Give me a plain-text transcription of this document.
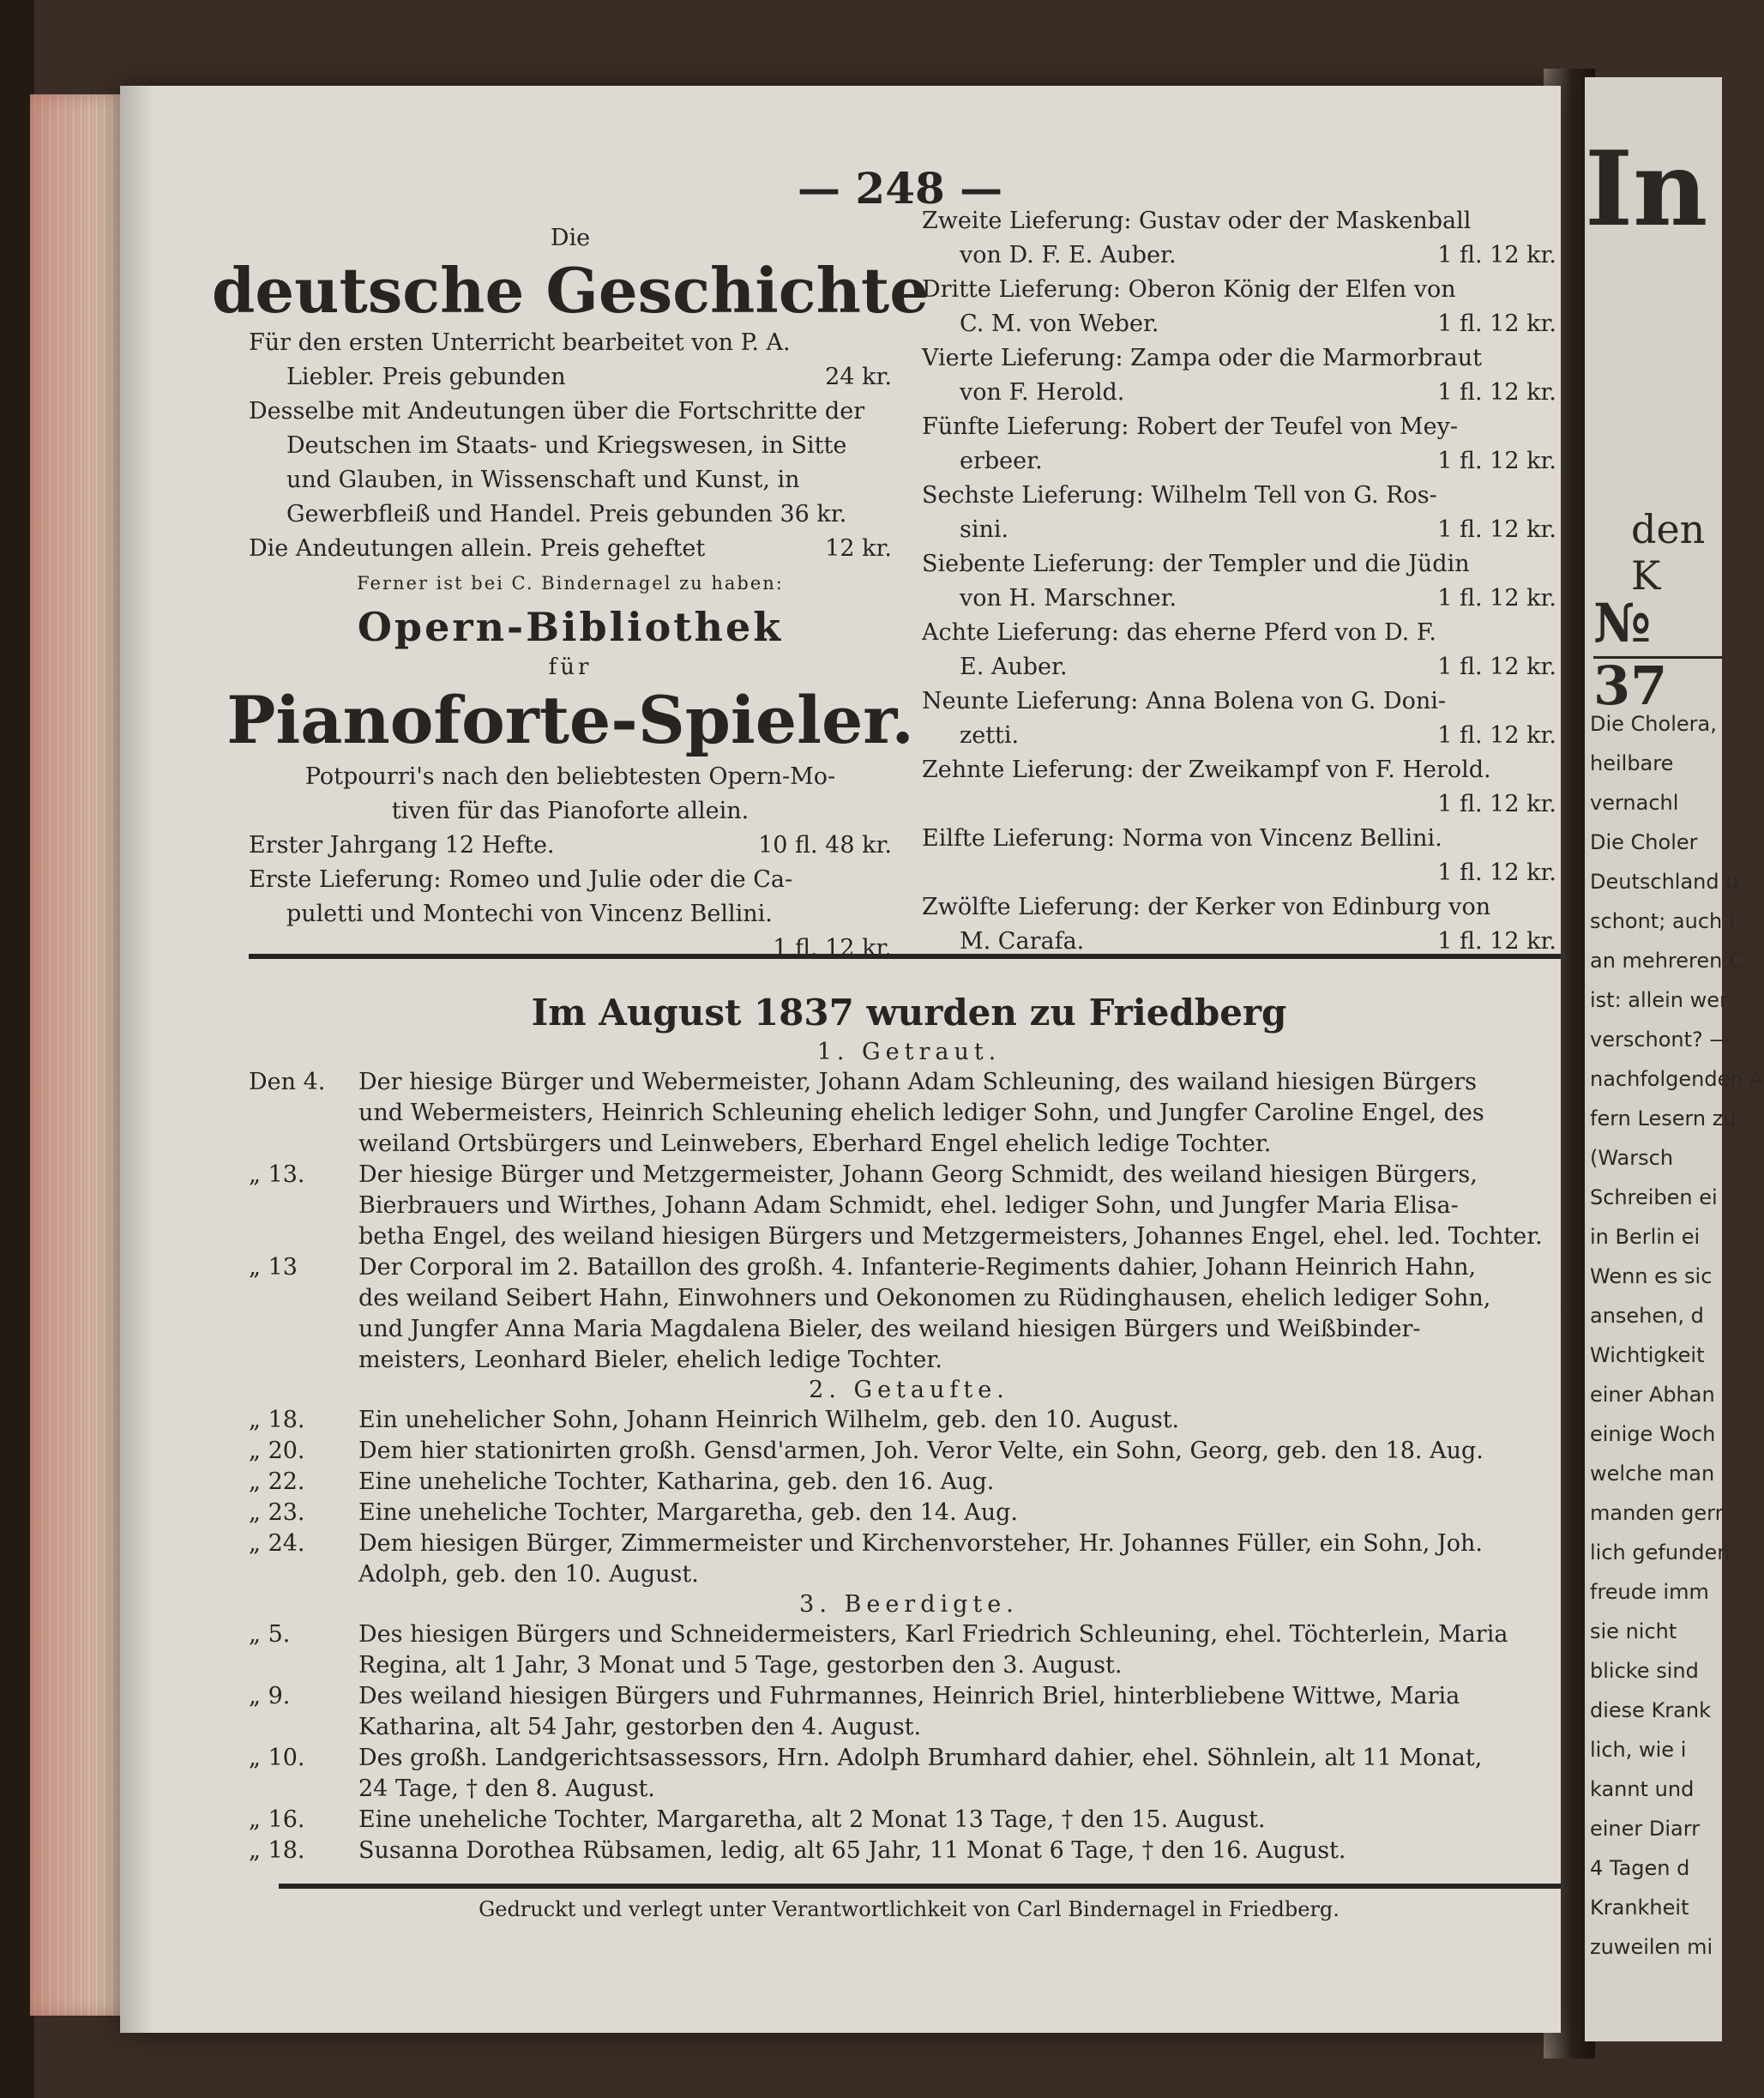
In
den K
№ 37
Die Cholera,
heilbare
vernachl
Die Choler
Deutschland u
schont; auch i
an mehreren C
ist: allein wer
verschont? —
nachfolgenden A
fern Lesern zu
(Warsch
Schreiben ei
in Berlin ei
Wenn es sic
ansehen, d
Wichtigkeit
einer Abhan
einige Woch
welche man
manden gerr
lich gefunden
freude imm
sie nicht
blicke sind
diese Krank
lich, wie i
kannt und
einer Diarr
4 Tagen d
Krankheit
zuweilen mi
— 248 —
Die
deutsche Geschichte
Für den ersten Unterricht bearbeitet von P. A.
Liebler. Preis gebunden	24 kr.
Desselbe mit Andeutungen über die Fortschritte der
Deutschen im Staats- und Kriegswesen, in Sitte
und Glauben, in Wissenschaft und Kunst, in
Gewerbfleiß und Handel. Preis gebunden 36 kr.
Die Andeutungen allein. Preis geheftet	12 kr.
Ferner ist bei C. Bindernagel zu haben:
Opern-Bibliothek
für
Pianoforte-Spieler.
Potpourri's nach den beliebtesten Opern-Mo-
tiven für das Pianoforte allein.
Erster Jahrgang 12 Hefte.	10 fl. 48 kr.
Erste Lieferung: Romeo und Julie oder die Ca-
puletti und Montechi von Vincenz Bellini.
1 fl. 12 kr.
Zweite Lieferung: Gustav oder der Maskenball
von D. F. E. Auber.	1 fl. 12 kr.
Dritte Lieferung: Oberon König der Elfen von
C. M. von Weber.	1 fl. 12 kr.
Vierte Lieferung: Zampa oder die Marmorbraut
von F. Herold.	1 fl. 12 kr.
Fünfte Lieferung: Robert der Teufel von Mey-
erbeer.	1 fl. 12 kr.
Sechste Lieferung: Wilhelm Tell von G. Ros-
sini.	1 fl. 12 kr.
Siebente Lieferung: der Templer und die Jüdin
von H. Marschner.	1 fl. 12 kr.
Achte Lieferung: das eherne Pferd von D. F.
E. Auber.	1 fl. 12 kr.
Neunte Lieferung: Anna Bolena von G. Doni-
zetti.	1 fl. 12 kr.
Zehnte Lieferung: der Zweikampf von F. Herold.
1 fl. 12 kr.
Eilfte Lieferung: Norma von Vincenz Bellini.
1 fl. 12 kr.
Zwölfte Lieferung: der Kerker von Edinburg von
M. Carafa.	1 fl. 12 kr.
Im August 1837 wurden zu Friedberg
1. Getraut.
Den 4.	Der hiesige Bürger und Webermeister, Johann Adam Schleuning, des wailand hiesigen Bürgers
und Webermeisters, Heinrich Schleuning ehelich lediger Sohn, und Jungfer Caroline Engel, des
weiland Ortsbürgers und Leinwebers, Eberhard Engel ehelich ledige Tochter.
„ 13.	Der hiesige Bürger und Metzgermeister, Johann Georg Schmidt, des weiland hiesigen Bürgers,
Bierbrauers und Wirthes, Johann Adam Schmidt, ehel. lediger Sohn, und Jungfer Maria Elisa-
betha Engel, des weiland hiesigen Bürgers und Metzgermeisters, Johannes Engel, ehel. led. Tochter.
„ 13	Der Corporal im 2. Bataillon des großh. 4. Infanterie-Regiments dahier, Johann Heinrich Hahn,
des weiland Seibert Hahn, Einwohners und Oekonomen zu Rüdinghausen, ehelich lediger Sohn,
und Jungfer Anna Maria Magdalena Bieler, des weiland hiesigen Bürgers und Weißbinder-
meisters, Leonhard Bieler, ehelich ledige Tochter.
2. Getaufte.
„ 18.	Ein unehelicher Sohn, Johann Heinrich Wilhelm, geb. den 10. August.
„ 20.	Dem hier stationirten großh. Gensd'armen, Joh. Veror Velte, ein Sohn, Georg, geb. den 18. Aug.
„ 22.	Eine uneheliche Tochter, Katharina, geb. den 16. Aug.
„ 23.	Eine uneheliche Tochter, Margaretha, geb. den 14. Aug.
„ 24.	Dem hiesigen Bürger, Zimmermeister und Kirchenvorsteher, Hr. Johannes Füller, ein Sohn, Joh.
Adolph, geb. den 10. August.
3. Beerdigte.
„ 5.	Des hiesigen Bürgers und Schneidermeisters, Karl Friedrich Schleuning, ehel. Töchterlein, Maria
Regina, alt 1 Jahr, 3 Monat und 5 Tage, gestorben den 3. August.
„ 9.	Des weiland hiesigen Bürgers und Fuhrmannes, Heinrich Briel, hinterbliebene Wittwe, Maria
Katharina, alt 54 Jahr, gestorben den 4. August.
„ 10.	Des großh. Landgerichtsassessors, Hrn. Adolph Brumhard dahier, ehel. Söhnlein, alt 11 Monat,
24 Tage, † den 8. August.
„ 16.	Eine uneheliche Tochter, Margaretha, alt 2 Monat 13 Tage, † den 15. August.
„ 18.	Susanna Dorothea Rübsamen, ledig, alt 65 Jahr, 11 Monat 6 Tage, † den 16. August.
Gedruckt und verlegt unter Verantwortlichkeit von Carl Bindernagel in Friedberg.
